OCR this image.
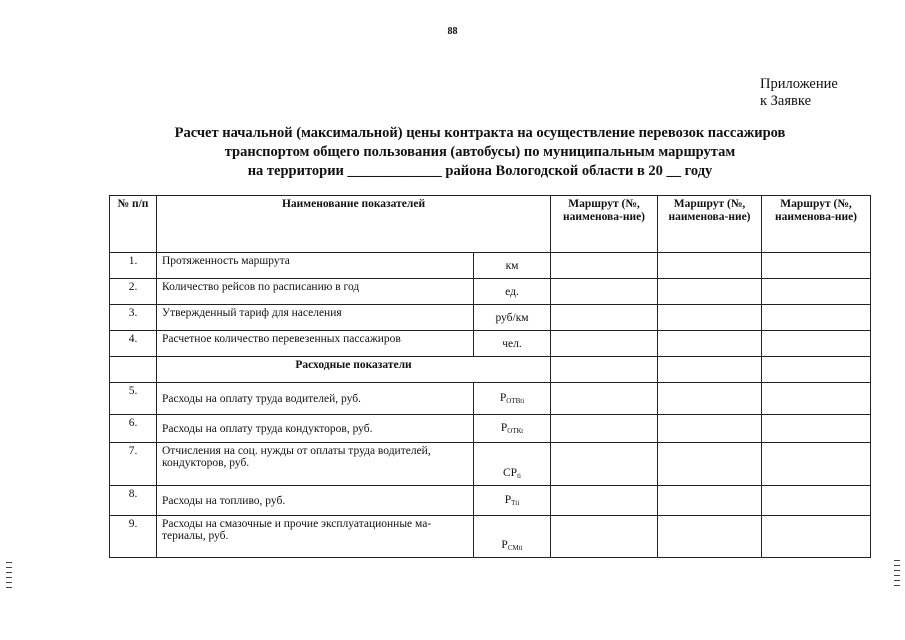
88
Приложение
к Заявке
Расчет начальной (максимальной) цены контракта на осуществление перевозок пассажиров
транспортом общего пользования (автобусы) по муниципальным маршрутам
на территории _____________ района Вологодской области в 20 __ году
№ п/п	Наименование показателей		Маршрут (№, наименова-ние)	Маршрут (№, наименова-ние)	Маршрут (№, наименова-ние)
1.	Протяженность маршрута	км			
2.	Количество рейсов по расписанию в год	ед.			
3.	Утвержденный тариф для населения	руб/км			
4.	Расчетное количество перевезенных пассажиров	чел.			
	Расходные показатели				
5.	Расходы на оплату труда водителей, руб.	$Р_{ОТВti}$			
6.	Расходы на оплату труда кондукторов, руб.	$Р_{ОТКt}$			
7.	Отчисления на соц. нужды от оплаты труда водителей, кондукторов, руб.	$СР_{ti}$			
8.	Расходы на топливо, руб.	$Р_{Тti}$			
9.	Расходы на смазочные и прочие эксплуатационные ма-териалы, руб.	$Р_{СМti}$			
